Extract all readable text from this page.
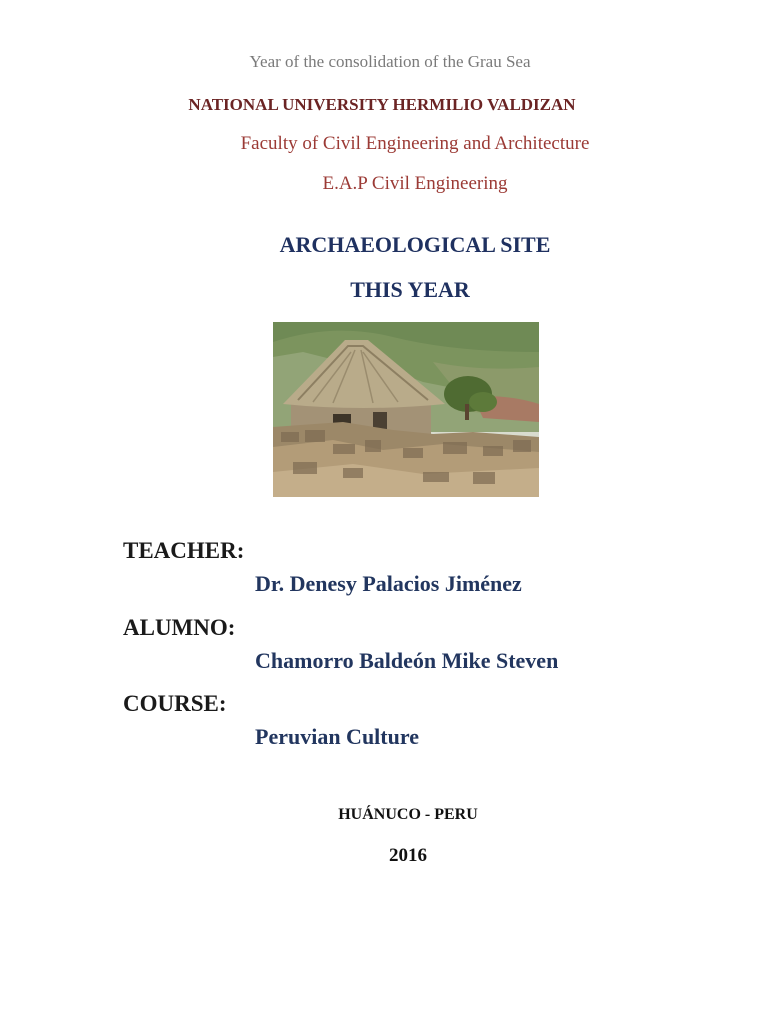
Year of the consolidation of the Grau Sea
NATIONAL UNIVERSITY HERMILIO VALDIZAN
Faculty of Civil Engineering and Architecture
E.A.P Civil Engineering
ARCHAEOLOGICAL SITE
THIS YEAR
TEACHER:
Dr. Denesy Palacios Jiménez
ALUMNO:
Chamorro Baldeón Mike Steven
COURSE:
Peruvian Culture
HUÁNUCO - PERU
2016
